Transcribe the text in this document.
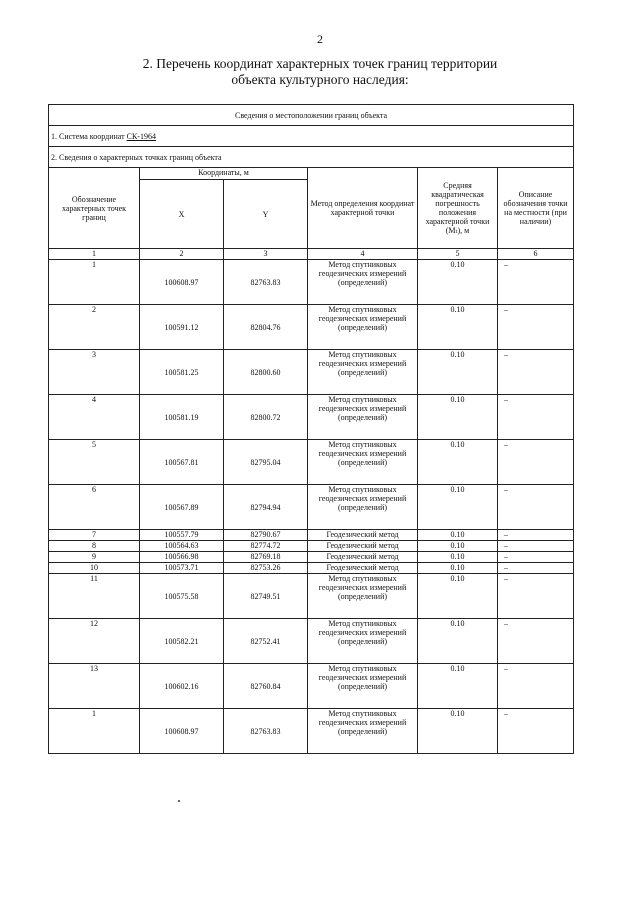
2
2. Перечень координат характерных точек границ территории
объекта культурного наследия:
Сведения о местоположении границ объекта					
1. Система координат СК-1964					
2. Сведения о характерных точках границ объекта					
Обозначение характерных точек границ	Координаты, м		Метод определения координат характерной точки	Средняя квадратическая погрешность положения характерной точки (Mₜ), м	Описание обозначения точки на местности (при наличии)
	X	Y			
1	2	3	4	5	6
1	100608.97	82763.83	Метод спутниковых геодезических измерений (определений)	0.10	–
2	100591.12	82804.76	Метод спутниковых геодезических измерений (определений)	0.10	–
3	100581.25	82800.60	Метод спутниковых геодезических измерений (определений)	0.10	–
4	100581.19	82800.72	Метод спутниковых геодезических измерений (определений)	0.10	–
5	100567.81	82795.04	Метод спутниковых геодезических измерений (определений)	0.10	–
6	100567.89	82794.94	Метод спутниковых геодезических измерений (определений)	0.10	–
7	100557.79	82790.67	Геодезический метод	0.10	–
8	100564.63	82774.72	Геодезический метод	0.10	–
9	100566.98	82769.18	Геодезический метод	0.10	–
10	100573.71	82753.26	Геодезический метод	0.10	–
11	100575.58	82749.51	Метод спутниковых геодезических измерений (определений)	0.10	–
12	100582.21	82752.41	Метод спутниковых геодезических измерений (определений)	0.10	–
13	100602.16	82760.84	Метод спутниковых геодезических измерений (определений)	0.10	–
1	100608.97	82763.83	Метод спутниковых геодезических измерений (определений)	0.10	–
